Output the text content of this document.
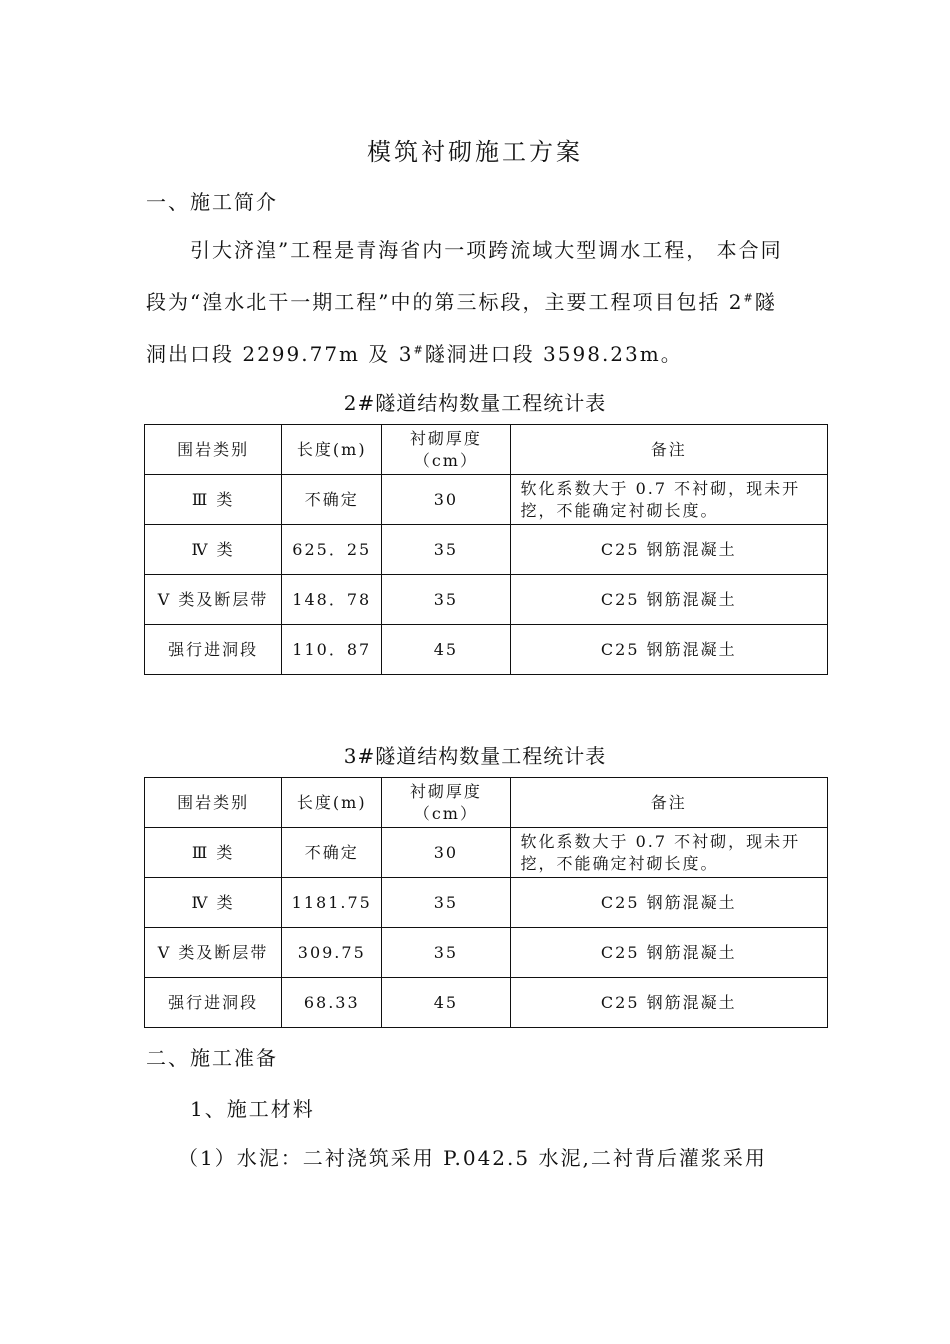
模筑衬砌施工方案
一、施工简介
引大济湟”工程是青海省内一项跨流域大型调水工程， 本合同
段为“湟水北干一期工程”中的第三标段，主要工程项目包括 2#隧
洞出口段 2299.77m 及 3#隧洞进口段 3598.23m。
2#隧道结构数量工程统计表
围岩类别	长度(m)	衬砌厚度（cm）	备注
Ⅲ 类	不确定	30	软化系数大于 0.7 不衬砌，现未开挖，不能确定衬砌长度。
Ⅳ 类	625．25	35	C25 钢筋混凝土
Ⅴ 类及断层带	148．78	35	C25 钢筋混凝土
强行进洞段	110．87	45	C25 钢筋混凝土
3#隧道结构数量工程统计表
围岩类别	长度(m)	衬砌厚度（cm）	备注
Ⅲ 类	不确定	30	软化系数大于 0.7 不衬砌，现未开挖，不能确定衬砌长度。
Ⅳ 类	1181.75	35	C25 钢筋混凝土
Ⅴ 类及断层带	309.75	35	C25 钢筋混凝土
强行进洞段	68.33	45	C25 钢筋混凝土
二、施工准备
1、施工材料
（1）水泥：二衬浇筑采用 P.042.5 水泥,二衬背后灌浆采用
